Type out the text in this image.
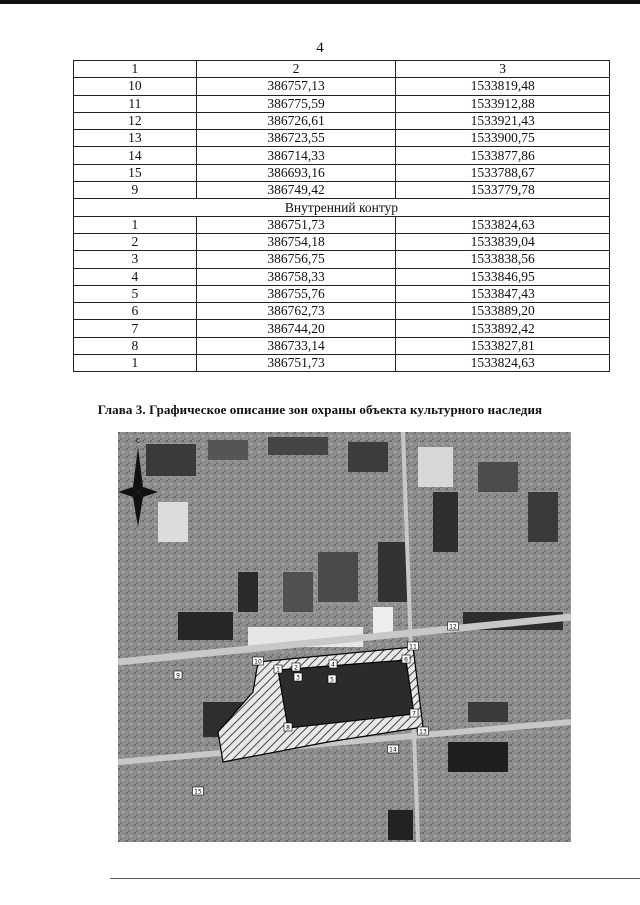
4
1	2	3
10	386757,13	1533819,48
11	386775,59	1533912,88
12	386726,61	1533921,43
13	386723,55	1533900,75
14	386714,33	1533877,86
15	386693,16	1533788,67
9	386749,42	1533779,78
Внутренний контур		
1	386751,73	1533824,63
2	386754,18	1533839,04
3	386756,75	1533838,56
4	386758,33	1533846,95
5	386755,76	1533847,43
6	386762,73	1533889,20
7	386744,20	1533892,42
8	386733,14	1533827,81
1	386751,73	1533824,63
Глава 3. Графическое описание зон охраны объекта культурного наследия
С
1 2
3
4
5
6
7
8
9
10
11
12
13
14
15
